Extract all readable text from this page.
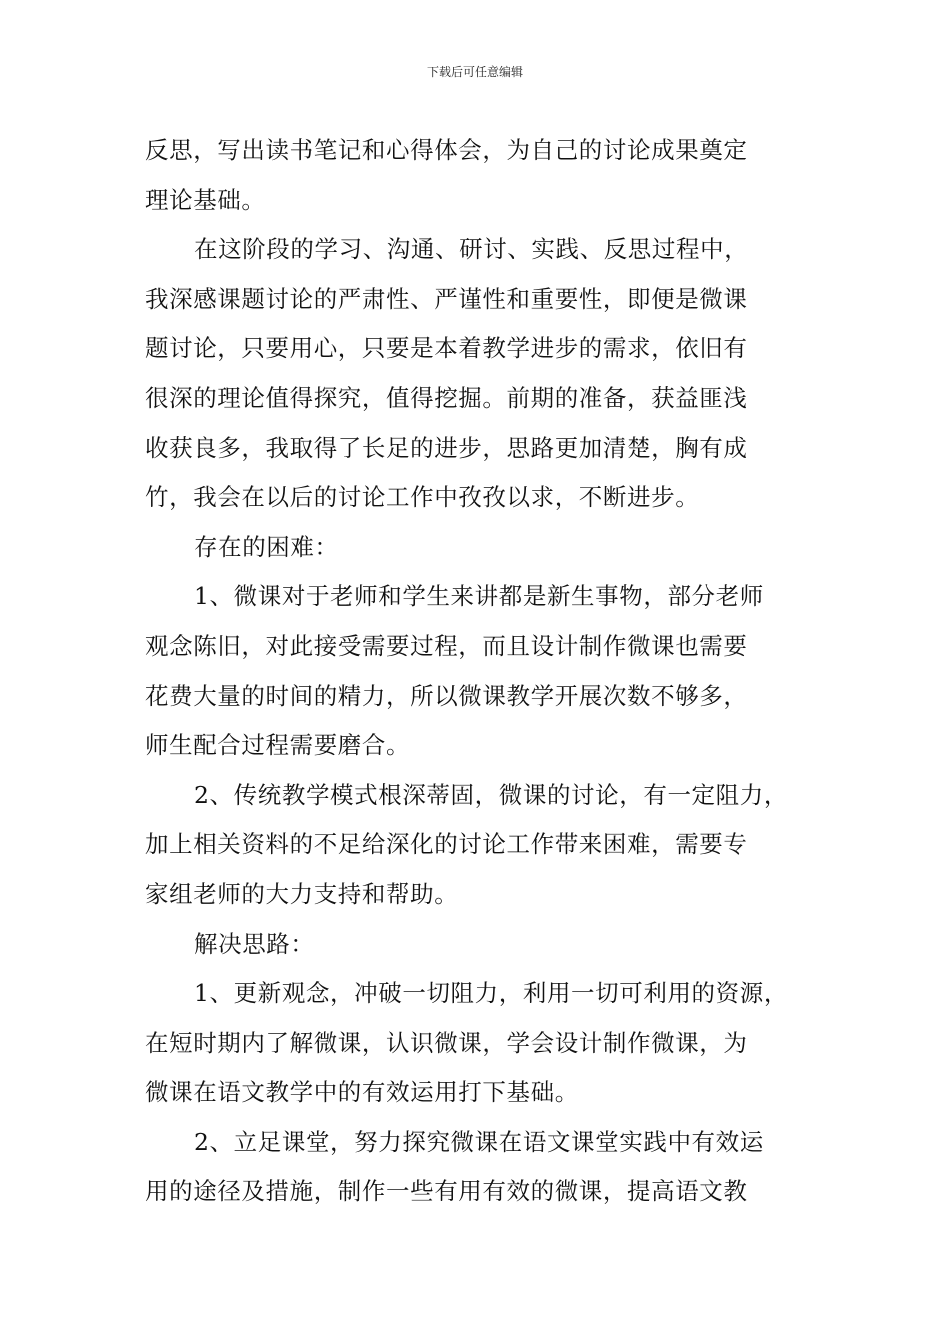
下载后可任意编辑
反思，写出读书笔记和心得体会，为自己的讨论成果奠定
理论基础。
在这阶段的学习、沟通、研讨、实践、反思过程中，
我深感课题讨论的严肃性、严谨性和重要性，即便是微课
题讨论，只要用心，只要是本着教学进步的需求，依旧有
很深的理论值得探究，值得挖掘。前期的准备，获益匪浅
收获良多，我取得了长足的进步，思路更加清楚，胸有成
竹，我会在以后的讨论工作中孜孜以求，不断进步。
存在的困难：
1、微课对于老师和学生来讲都是新生事物，部分老师
观念陈旧，对此接受需要过程，而且设计制作微课也需要
花费大量的时间的精力，所以微课教学开展次数不够多，
师生配合过程需要磨合。
2、传统教学模式根深蒂固，微课的讨论，有一定阻力，
加上相关资料的不足给深化的讨论工作带来困难，需要专
家组老师的大力支持和帮助。
解决思路：
1、更新观念，冲破一切阻力，利用一切可利用的资源，
在短时期内了解微课，认识微课，学会设计制作微课，为
微课在语文教学中的有效运用打下基础。
2、立足课堂，努力探究微课在语文课堂实践中有效运
用的途径及措施，制作一些有用有效的微课，提高语文教
